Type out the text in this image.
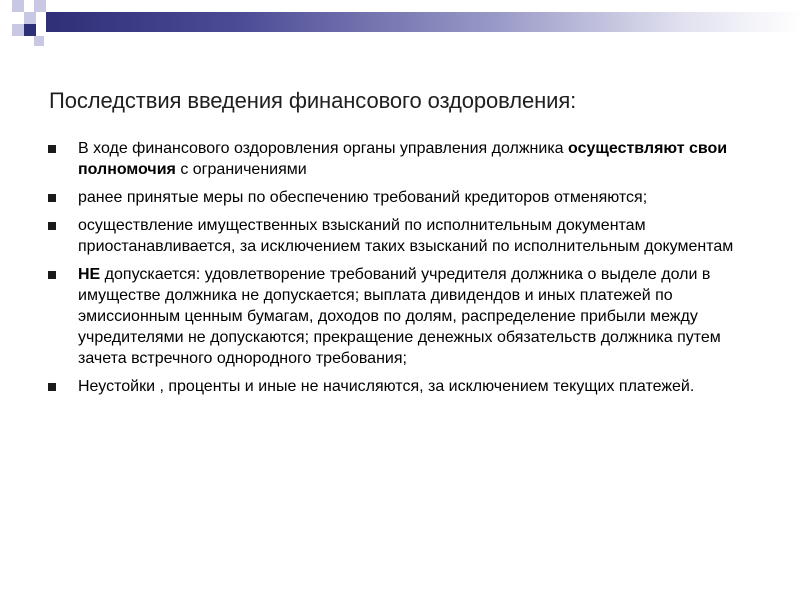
Последствия введения финансового оздоровления:
В ходе финансового оздоровления органы управления должника осуществляют свои полномочия с ограничениями
ранее принятые меры по обеспечению требований кредиторов отменяются;
осуществление имущественных взысканий по исполнительным документам приостанавливается, за исключением таких взысканий по исполнительным документам
НЕ допускается: удовлетворение требований учредителя должника о выделе доли в имуществе должника не допускается; выплата дивидендов и иных платежей по эмиссионным ценным бумагам, доходов по долям, распределение прибыли между учредителями не допускаются; прекращение денежных обязательств должника путем зачета встречного однородного требования;
Неустойки , проценты и иные не начисляются, за исключением текущих платежей.
